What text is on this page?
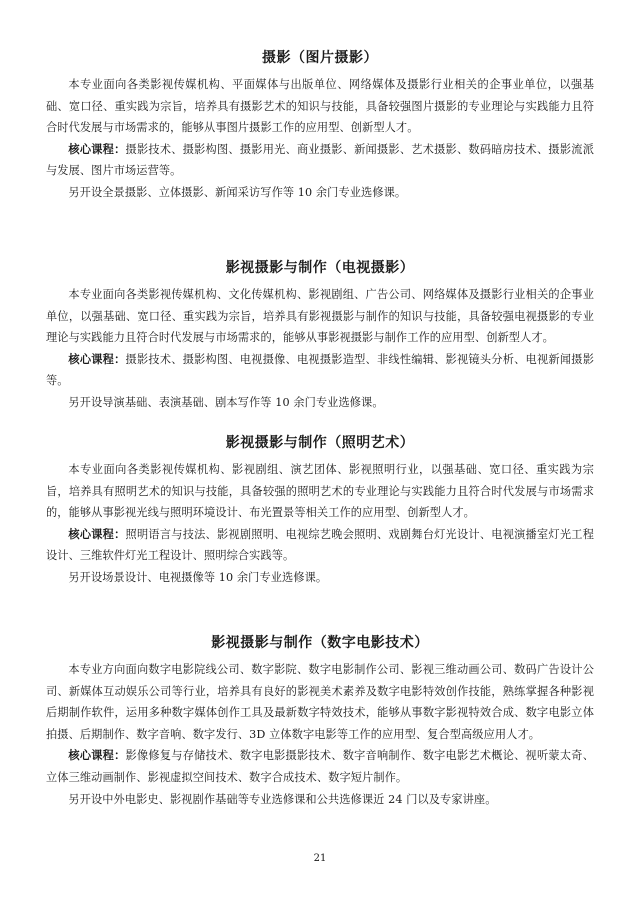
摄影（图片摄影）

本专业面向各类影视传媒机构、平面媒体与出版单位、网络媒体及摄影行业相关的企事业单位，以强基础、宽口径、重实践为宗旨，培养具有摄影艺术的知识与技能，具备较强图片摄影的专业理论与实践能力且符合时代发展与市场需求的，能够从事图片摄影工作的应用型、创新型人才。

核心课程：摄影技术、摄影构图、摄影用光、商业摄影、新闻摄影、艺术摄影、数码暗房技术、摄影流派与发展、图片市场运营等。

另开设全景摄影、立体摄影、新闻采访写作等 10 余门专业选修课。

影视摄影与制作（电视摄影）

本专业面向各类影视传媒机构、文化传媒机构、影视剧组、广告公司、网络媒体及摄影行业相关的企事业单位，以强基础、宽口径、重实践为宗旨，培养具有影视摄影与制作的知识与技能，具备较强电视摄影的专业理论与实践能力且符合时代发展与市场需求的，能够从事影视摄影与制作工作的应用型、创新型人才。

核心课程：摄影技术、摄影构图、电视摄像、电视摄影造型、非线性编辑、影视镜头分析、电视新闻摄影等。

另开设导演基础、表演基础、剧本写作等 10 余门专业选修课。

影视摄影与制作（照明艺术）

本专业面向各类影视传媒机构、影视剧组、演艺团体、影视照明行业，以强基础、宽口径、重实践为宗旨，培养具有照明艺术的知识与技能，具备较强的照明艺术的专业理论与实践能力且符合时代发展与市场需求的，能够从事影视光线与照明环境设计、布光置景等相关工作的应用型、创新型人才。

核心课程：照明语言与技法、影视剧照明、电视综艺晚会照明、戏剧舞台灯光设计、电视演播室灯光工程设计、三维软件灯光工程设计、照明综合实践等。

另开设场景设计、电视摄像等 10 余门专业选修课。

影视摄影与制作（数字电影技术）

本专业方向面向数字电影院线公司、数字影院、数字电影制作公司、影视三维动画公司、数码广告设计公司、新媒体互动娱乐公司等行业，培养具有良好的影视美术素养及数字电影特效创作技能，熟练掌握各种影视后期制作软件，运用多种数字媒体创作工具及最新数字特效技术，能够从事数字影视特效合成、数字电影立体拍摄、后期制作、数字音响、数字发行、3D 立体数字电影等工作的应用型、复合型高级应用人才。

核心课程：影像修复与存储技术、数字电影摄影技术、数字音响制作、数字电影艺术概论、视听蒙太奇、立体三维动画制作、影视虚拟空间技术、数字合成技术、数字短片制作。

另开设中外电影史、影视剧作基础等专业选修课和公共选修课近 24 门以及专家讲座。

21
